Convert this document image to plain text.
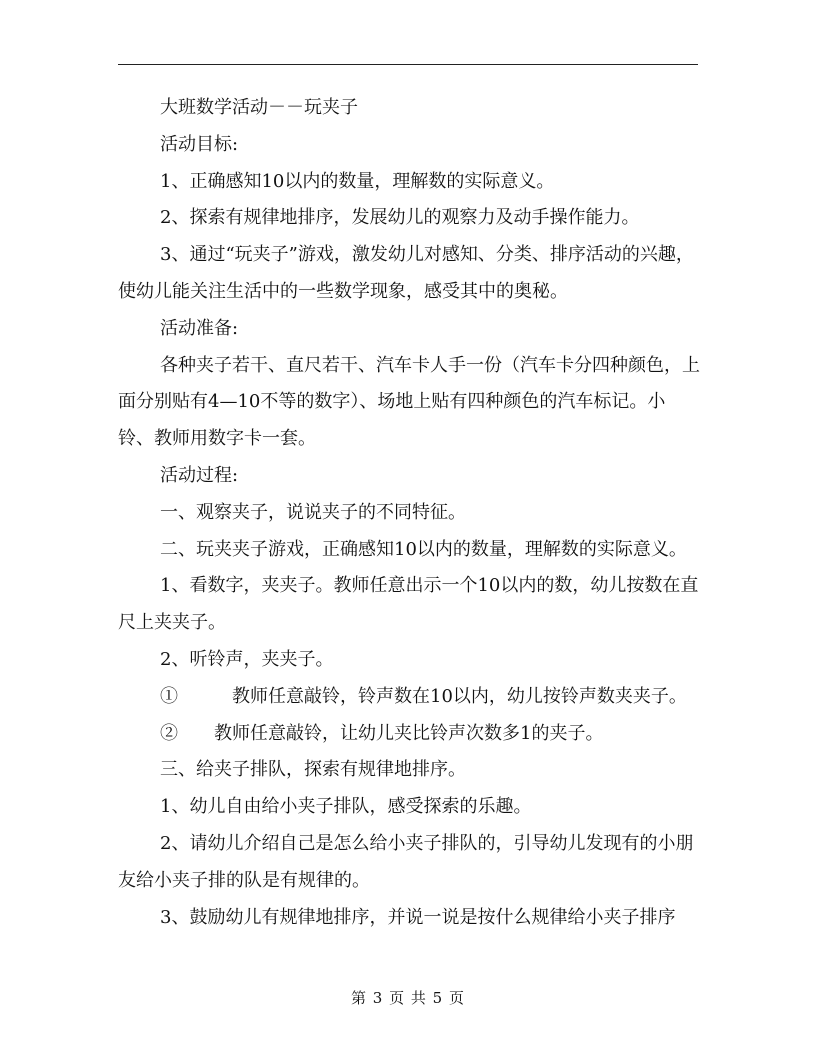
大班数学活动－－玩夹子

活动目标:

1、正确感知10以内的数量，理解数的实际意义。

2、探索有规律地排序，发展幼儿的观察力及动手操作能力。

3、通过“玩夹子”游戏，激发幼儿对感知、分类、排序活动的兴趣，使幼儿能关注生活中的一些数学现象，感受其中的奥秘。

活动准备:

各种夹子若干、直尺若干、汽车卡人手一份（汽车卡分四种颜色，上面分别贴有4—10不等的数字）、场地上贴有四种颜色的汽车标记。小铃、教师用数字卡一套。

活动过程:

一、观察夹子，说说夹子的不同特征。

二、玩夹夹子游戏，正确感知10以内的数量，理解数的实际意义。

1、看数字，夹夹子。教师任意出示一个10以内的数，幼儿按数在直尺上夹夹子。

2、听铃声，夹夹子。

①　　　教师任意敲铃，铃声数在10以内，幼儿按铃声数夹夹子。

②　　教师任意敲铃，让幼儿夹比铃声次数多1的夹子。

三、给夹子排队，探索有规律地排序。

1、幼儿自由给小夹子排队，感受探索的乐趣。

2、请幼儿介绍自己是怎么给小夹子排队的，引导幼儿发现有的小朋友给小夹子排的队是有规律的。

3、鼓励幼儿有规律地排序，并说一说是按什么规律给小夹子排序

第 3 页 共 5 页
